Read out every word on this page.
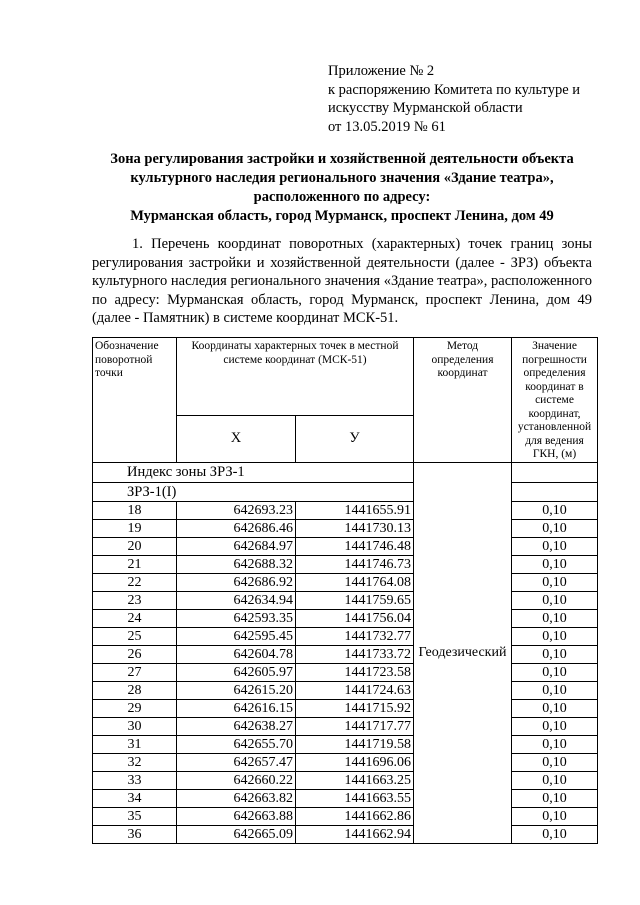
Приложение № 2
к распоряжению Комитета по культуре и
искусству Мурманской области
от 13.05.2019 № 61
Зона регулирования застройки и хозяйственной деятельности объекта
культурного наследия регионального значения «Здание театра»,
расположенного по адресу:
Мурманская область, город Мурманск, проспект Ленина, дом 49
1. Перечень координат поворотных (характерных) точек границ зоны регулирования застройки и хозяйственной деятельности (далее - ЗРЗ) объекта культурного наследия регионального значения «Здание театра», расположенного по адресу: Мурманская область, город Мурманск, проспект Ленина, дом 49 (далее - Памятник) в системе координат МСК-51.
Обозначение поворотной точки	Координаты характерных точек в местной системе координат (МСК-51)		Метод определения координат	Значение погрешности определения координат в системе координат, установленной для ведения ГКН, (м)
	X	У		
Индекс зоны ЗРЗ-1			Геодезический	
ЗРЗ-1(I)				
18	642693.23	1441655.91		0,10
19	642686.46	1441730.13		0,10
20	642684.97	1441746.48		0,10
21	642688.32	1441746.73		0,10
22	642686.92	1441764.08		0,10
23	642634.94	1441759.65		0,10
24	642593.35	1441756.04		0,10
25	642595.45	1441732.77		0,10
26	642604.78	1441733.72		0,10
27	642605.97	1441723.58		0,10
28	642615.20	1441724.63		0,10
29	642616.15	1441715.92		0,10
30	642638.27	1441717.77		0,10
31	642655.70	1441719.58		0,10
32	642657.47	1441696.06		0,10
33	642660.22	1441663.25		0,10
34	642663.82	1441663.55		0,10
35	642663.88	1441662.86		0,10
36	642665.09	1441662.94		0,10
